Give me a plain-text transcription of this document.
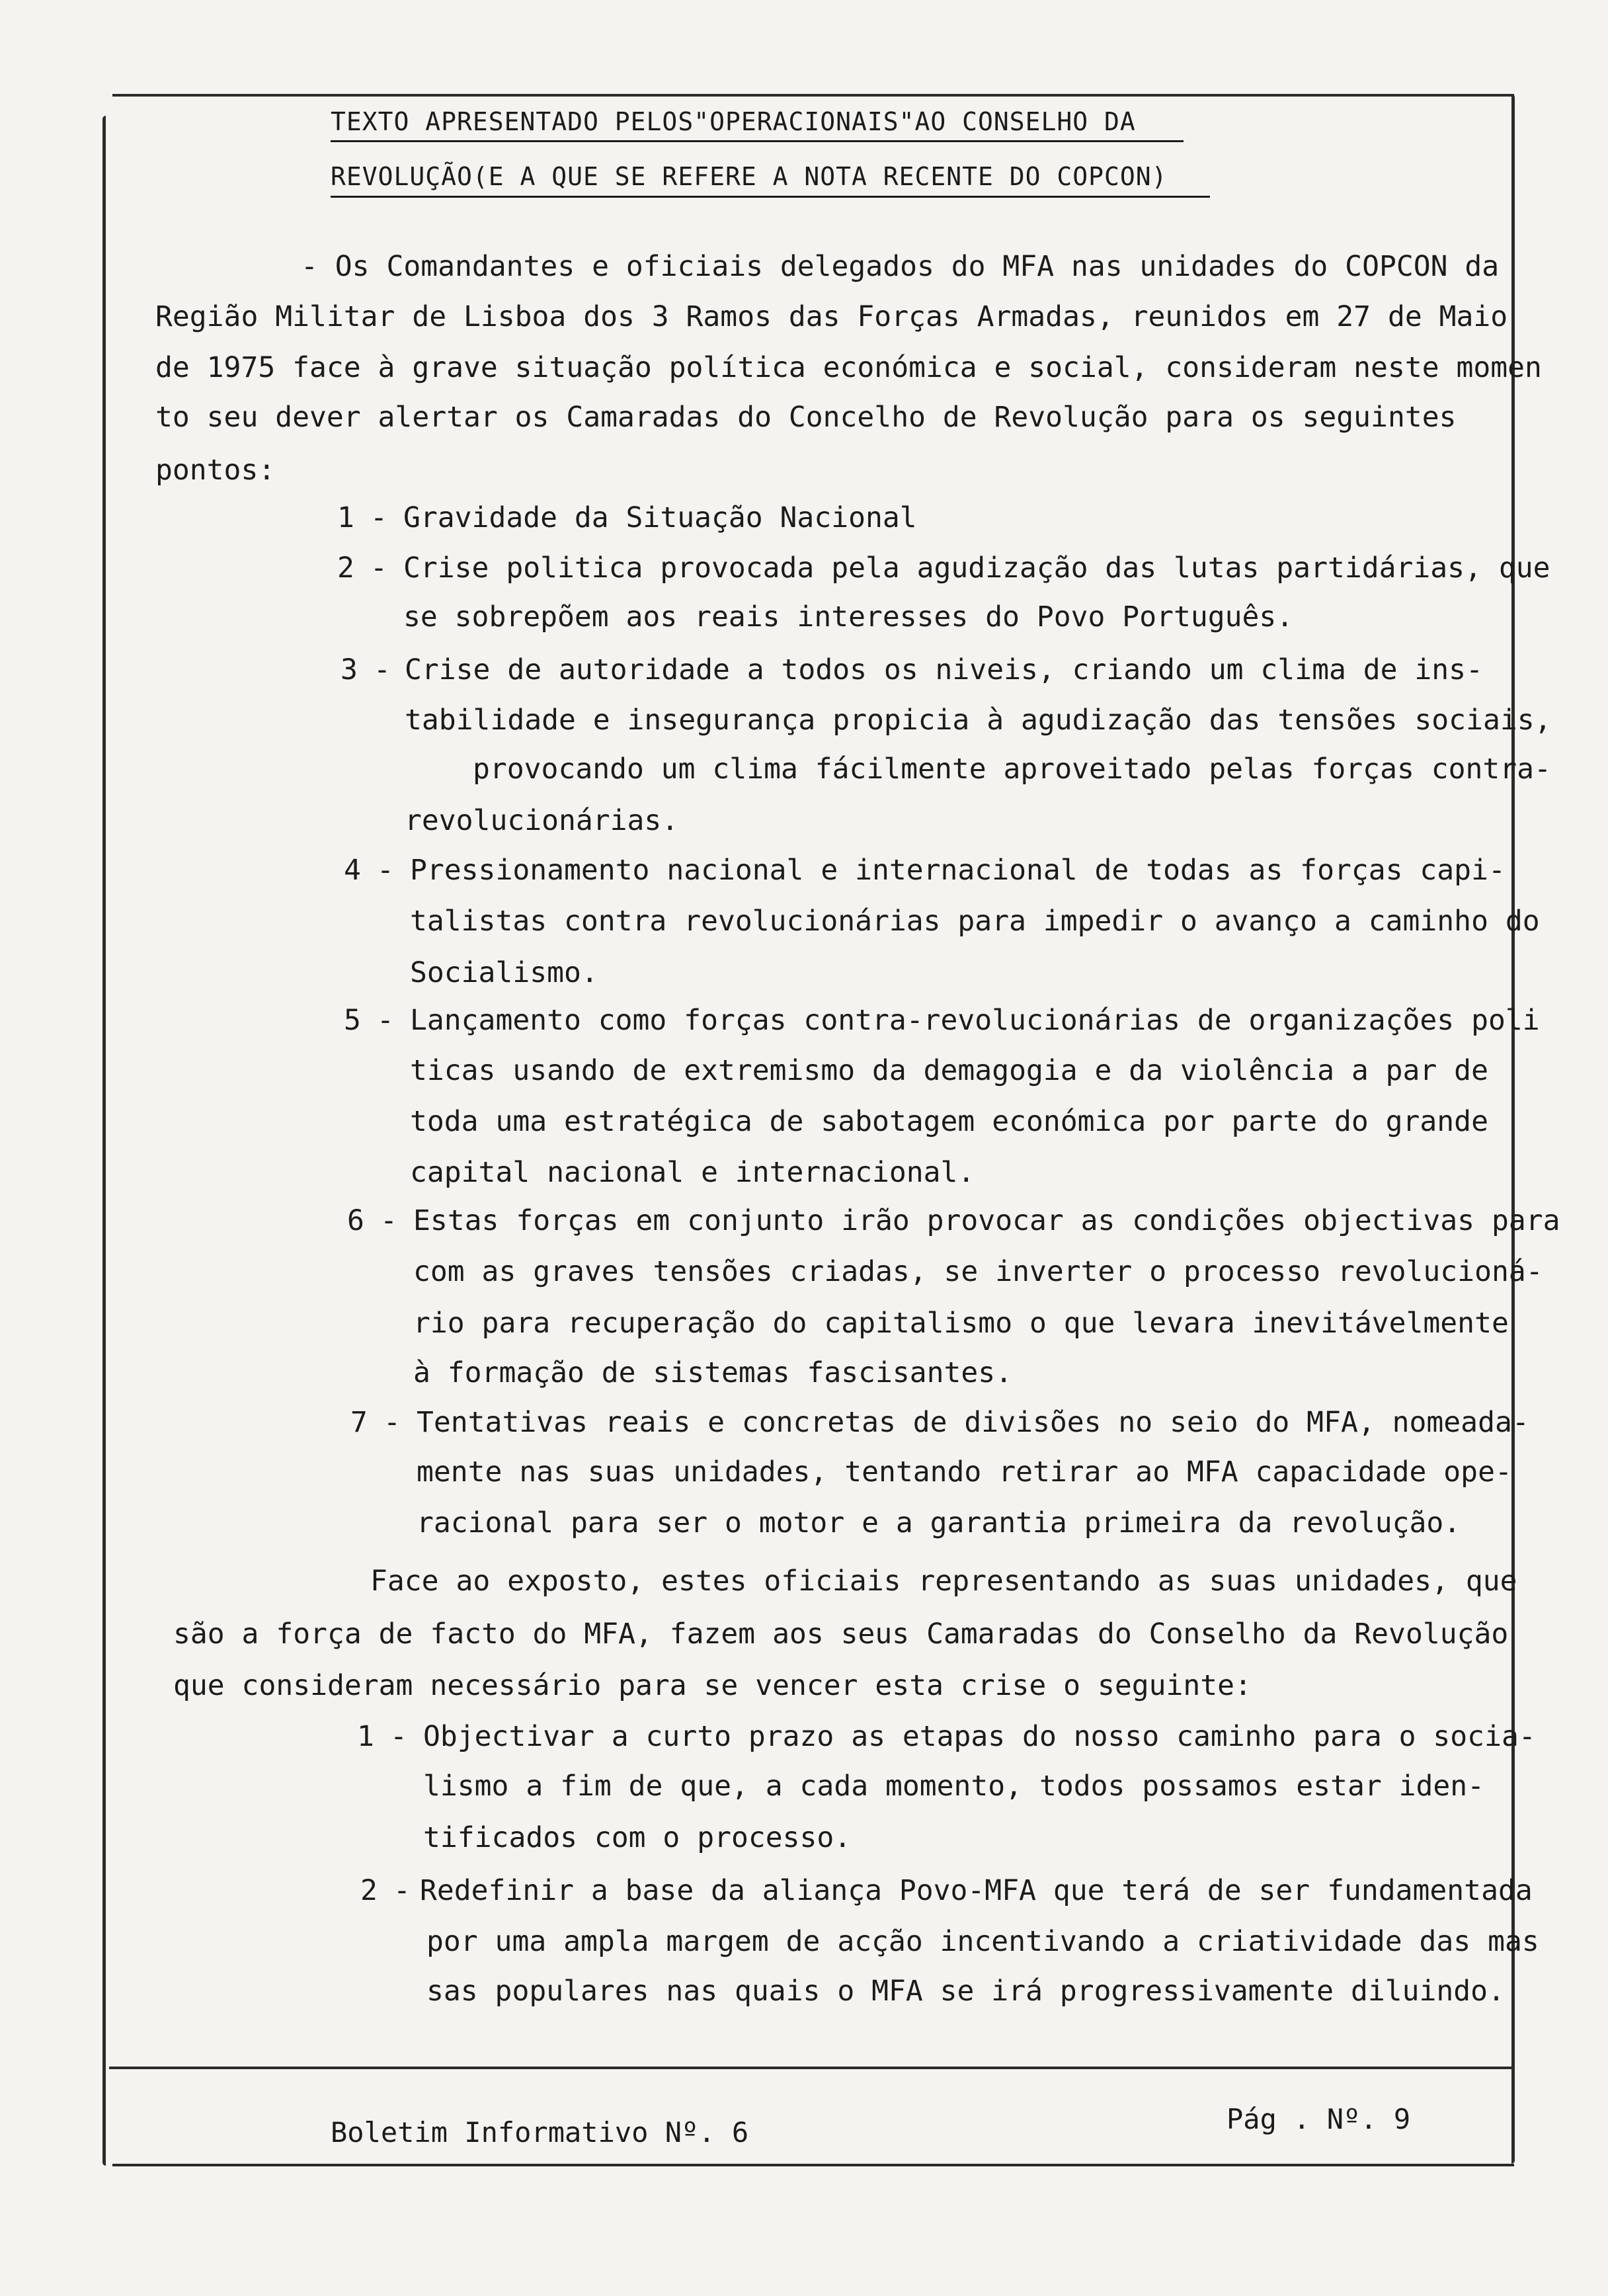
TEXTO APRESENTADO PELOS"OPERACIONAIS"AO CONSELHO DA
REVOLUÇÃO(E A QUE SE REFERE A NOTA RECENTE DO COPCON)
- Os Comandantes e oficiais delegados do MFA nas unidades do COPCON da
Região Militar de Lisboa dos 3 Ramos das Forças Armadas, reunidos em 27 de Maio
de 1975 face à grave situação política económica e social, consideram neste momen
to seu dever alertar os Camaradas do Concelho de Revolução para os seguintes
pontos:
1 - Gravidade da Situação Nacional
2 - Crise politica provocada pela agudização das lutas partidárias, que
se sobrepõem aos reais interesses do Povo Português.
3 - Crise de autoridade a todos os niveis, criando um clima de ins-
tabilidade e insegurança propicia à agudização das tensões sociais,
provocando um clima fácilmente aproveitado pelas forças contra-
revolucionárias.
4 - Pressionamento nacional e internacional de todas as forças capi-
talistas contra revolucionárias para impedir o avanço a caminho do
Socialismo.
5 - Lançamento como forças contra-revolucionárias de organizações poli
ticas usando de extremismo da demagogia e da violência a par de
toda uma estratégica de sabotagem económica por parte do grande
capital nacional e internacional.
6 - Estas forças em conjunto irão provocar as condições objectivas para
com as graves tensões criadas, se inverter o processo revolucioná-
rio para recuperação do capitalismo o que levara inevitávelmente
à formação de sistemas fascisantes.
7 - Tentativas reais e concretas de divisões no seio do MFA, nomeada-
mente nas suas unidades, tentando retirar ao MFA capacidade ope-
racional para ser o motor e a garantia primeira da revolução.
Face ao exposto, estes oficiais representando as suas unidades, que
são a força de facto do MFA, fazem aos seus Camaradas do Conselho da Revolução
que consideram necessário para se vencer esta crise o seguinte:
1 - Objectivar a curto prazo as etapas do nosso caminho para o socia-
lismo a fim de que, a cada momento, todos possamos estar iden-
tificados com o processo.
2 - Redefinir a base da aliança Povo-MFA que terá de ser fundamentada
por uma ampla margem de acção incentivando a criatividade das mas
sas populares nas quais o MFA se irá progressivamente diluindo.
Boletim Informativo Nº. 6	Pág . Nº. 9
